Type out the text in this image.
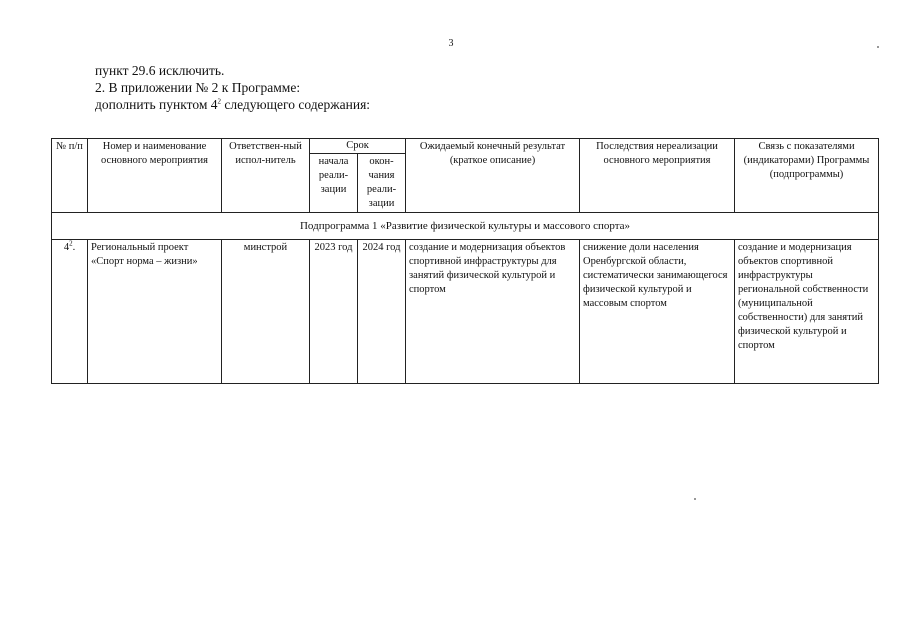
3
пункт 29.6 исключить.
2. В приложении № 2 к Программе:
дополнить пунктом $4^2$ следующего содержания:
№ п/п	Номер и наименование основного мероприятия	Ответствен-ный испол-нитель	Срок		Ожидаемый конечный результат (краткое описание)	Последствия нереализации основного мероприятия	Связь с показателями (индикаторами) Программы (подпрограммы)
			начала реали-зации	окон-чания реали-зации			
Подпрограмма 1 «Развитие физической культуры и массового спорта»							
$4^2$.	Региональный проект «Спорт норма – жизни»	минстрой	2023 год	2024 год	создание и модернизация объектов спортивной инфраструктуры для занятий физической культурой и спортом	снижение доли населения Оренбургской области, систематически занимающегося физической культурой и массовым спортом	создание и модернизация объектов спортивной инфраструктуры региональной собственности (муниципальной собственности) для занятий физической культурой и спортом
